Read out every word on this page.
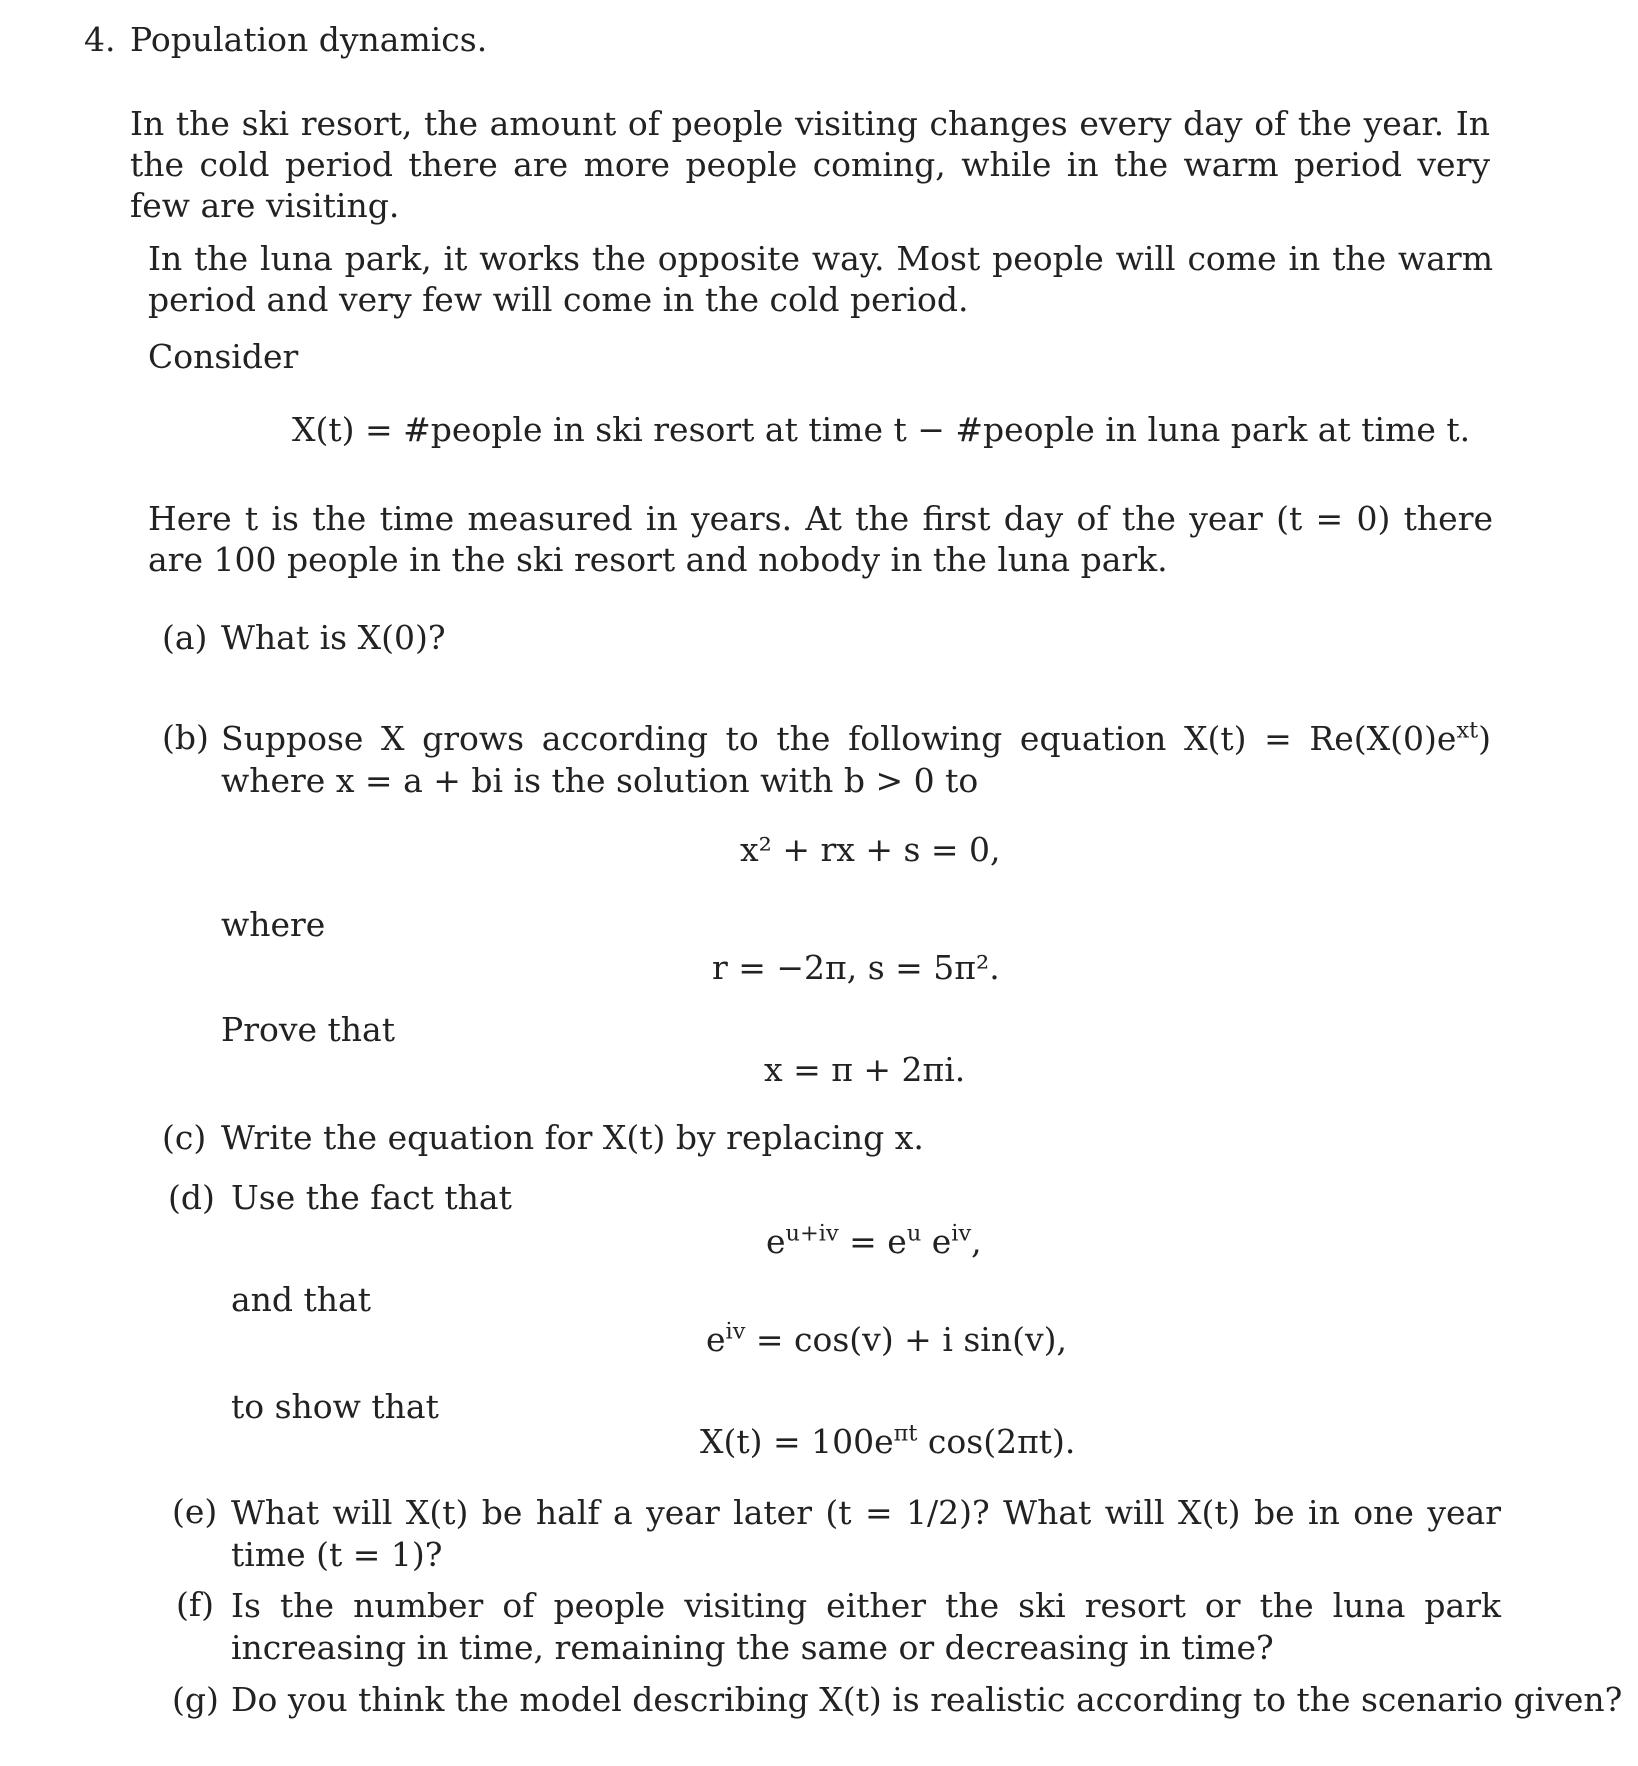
4. Population dynamics.

In the ski resort, the amount of people visiting changes every day of the year. In the cold period there are more people coming, while in the warm period very few are visiting.

In the luna park, it works the opposite way. Most people will come in the warm period and very few will come in the cold period.

Consider

X(t) = #people in ski resort at time t − #people in luna park at time t.

Here t is the time measured in years. At the first day of the year (t = 0) there are 100 people in the ski resort and nobody in the luna park.

(a) What is X(0)?
(b) Suppose X grows according to the following equation $X(t) = Re(X(0)e^{xt})$ where x = a + bi is the solution with b > 0 to

x² + rx + s = 0,
where
r = −2π, s = 5π².
Prove that
x = π + 2πi.
(c) Write the equation for X(t) by replacing x.
(d) Use the fact that
$e^{u+iv} = e^u$ $e^{iv}$,
and that
$e^{iv} = \cos(v) + i$ sin(v),
to show that
$X(t) = 100e^{\pi t}$ cos(2πt).
(e) What will X(t) be half a year later (t = 1/2)? What will X(t) be in one year time (t = 1)?

(f) Is the number of people visiting either the ski resort or the luna park increasing in time, remaining the same or decreasing in time?

(g) Do you think the model describing X(t) is realistic according to the scenario given?
